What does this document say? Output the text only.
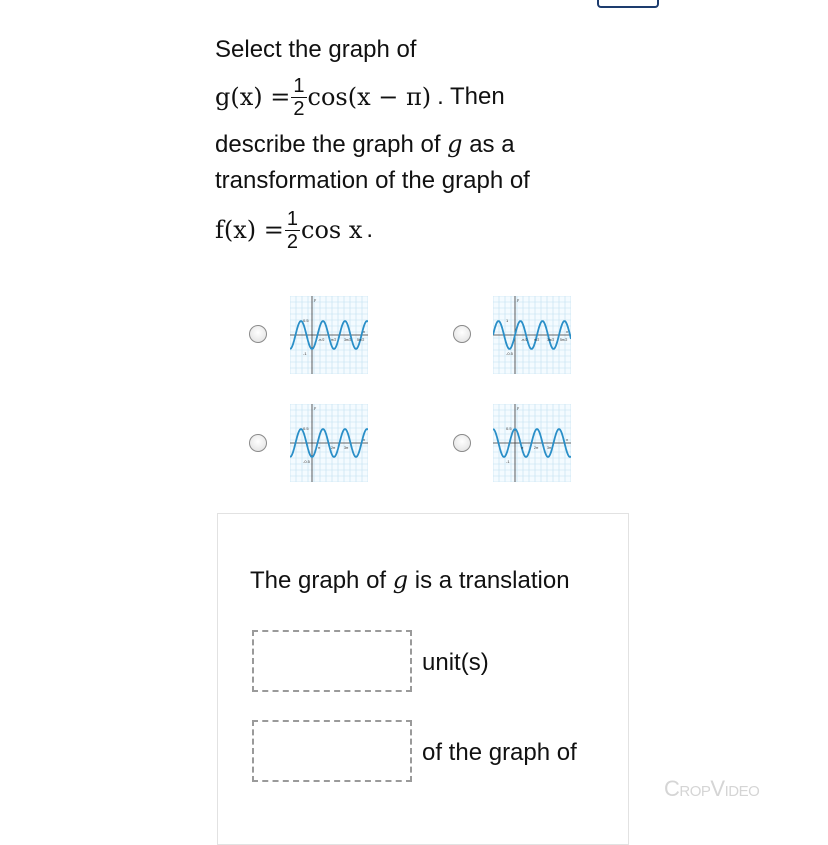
Select the graph of
$g(x) = \frac{1}{2} \cos(x - \pi)$ . Then
describe the graph of g as a
transformation of the graph of
$f(x) = \frac{1}{2}$ cos x .
0.5
-1
-π/2 π/2 3π/2 5π/2
y
x
1
-0.5
-π/2 π/2 3π/2 5π/2
y
x
0.5
-0.5
π	2π 3π
y
x
0.5
-1
π	2π 3π
y
x
The graph of g is a translation
unit(s)
of the graph of
CropVideo
